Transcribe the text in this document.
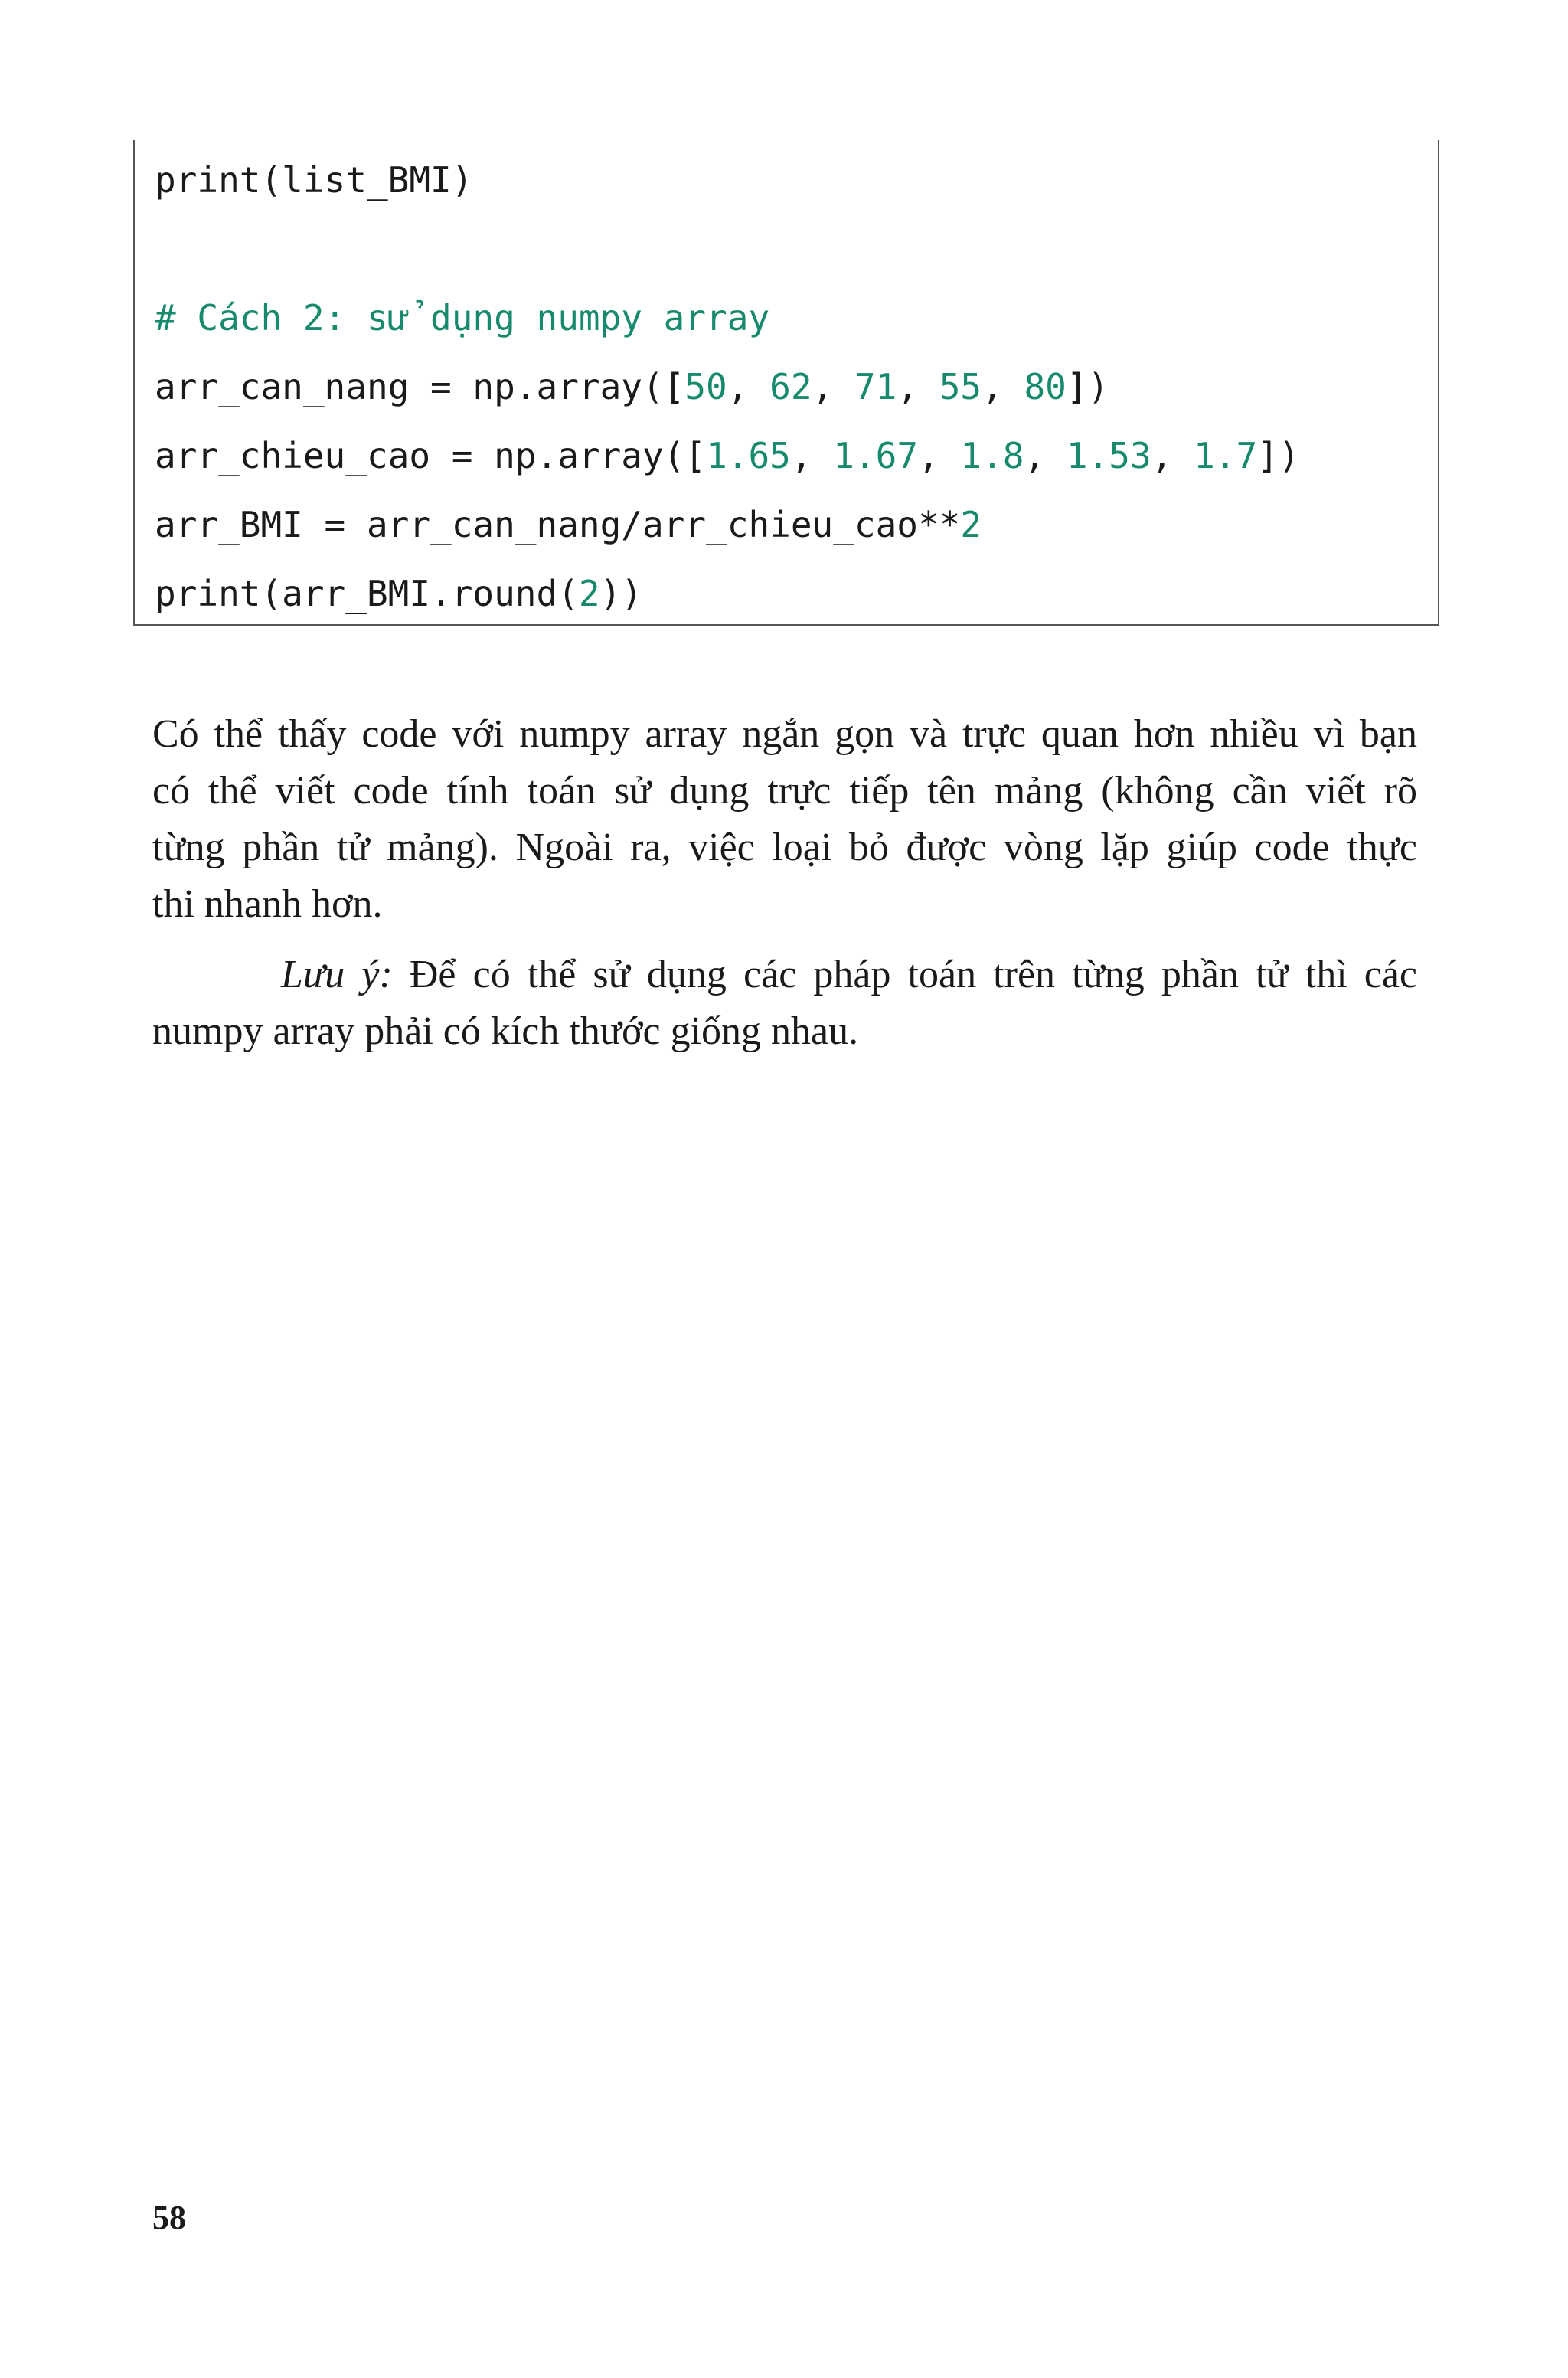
print(list_BMI)
# Cách 2: sử dụng numpy array
arr_can_nang = np.array([50, 62, 71, 55, 80])
arr_chieu_cao = np.array([1.65, 1.67, 1.8, 1.53, 1.7])
arr_BMI = arr_can_nang/arr_chieu_cao**2
print(arr_BMI.round(2))
Có thể thấy code với numpy array ngắn gọn và trực quan hơn nhiều vì bạn
có thể viết code tính toán sử dụng trực tiếp tên mảng (không cần viết rõ
từng phần tử mảng). Ngoài ra, việc loại bỏ được vòng lặp giúp code thực
thi nhanh hơn.
Lưu ý: Để có thể sử dụng các pháp toán trên từng phần tử thì các
numpy array phải có kích thước giống nhau.
58
